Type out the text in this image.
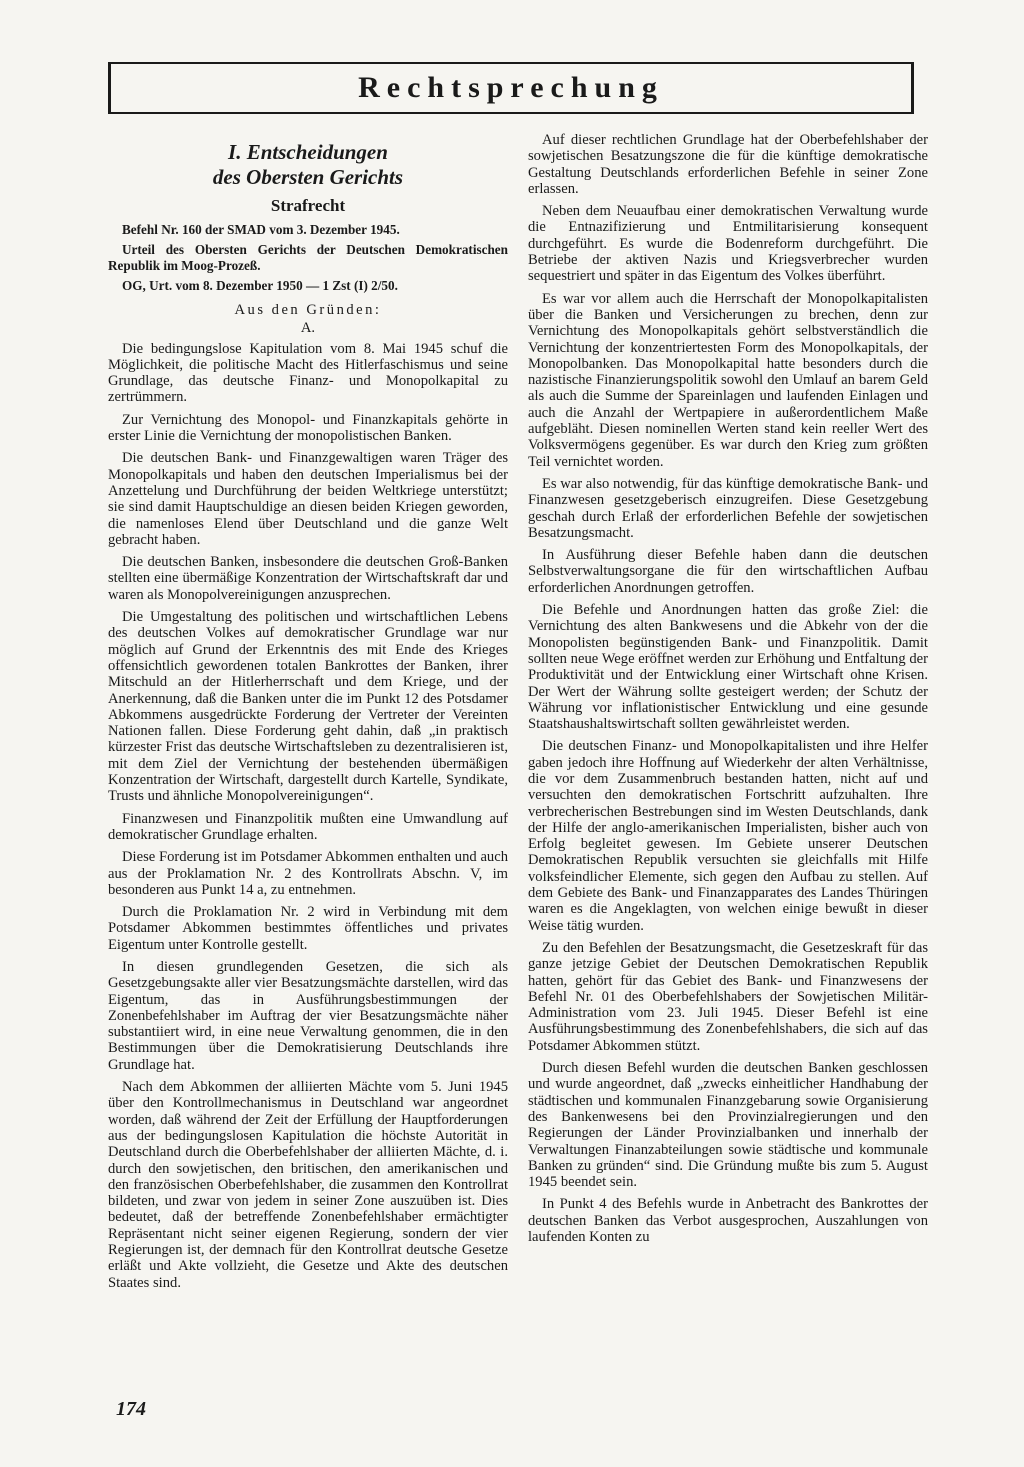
Rechtsprechung
I. Entscheidungen
des Obersten Gerichts
Strafrecht
Befehl Nr. 160 der SMAD vom 3. Dezember 1945.
Urteil des Obersten Gerichts der Deutschen Demokratischen Republik im Moog-Prozeß.
OG, Urt. vom 8. Dezember 1950 — 1 Zst (I) 2/50.
Aus den Gründen:
A.

Die bedingungslose Kapitulation vom 8. Mai 1945 schuf die Möglichkeit, die politische Macht des Hitlerfaschismus und seine Grundlage, das deutsche Finanz- und Monopolkapital zu zertrümmern.

Zur Vernichtung des Monopol- und Finanzkapitals gehörte in erster Linie die Vernichtung der monopolistischen Banken.

Die deutschen Bank- und Finanzgewaltigen waren Träger des Monopolkapitals und haben den deutschen Imperialismus bei der Anzettelung und Durchführung der beiden Weltkriege unterstützt; sie sind damit Hauptschuldige an diesen beiden Kriegen geworden, die namenloses Elend über Deutschland und die ganze Welt gebracht haben.

Die deutschen Banken, insbesondere die deutschen Groß-Banken stellten eine übermäßige Konzentration der Wirtschaftskraft dar und waren als Monopolvereinigungen anzusprechen.

Die Umgestaltung des politischen und wirtschaftlichen Lebens des deutschen Volkes auf demokratischer Grundlage war nur möglich auf Grund der Erkenntnis des mit Ende des Krieges offensichtlich gewordenen totalen Bankrottes der Banken, ihrer Mitschuld an der Hitlerherrschaft und dem Kriege, und der Anerkennung, daß die Banken unter die im Punkt 12 des Potsdamer Abkommens ausgedrückte Forderung der Vertreter der Vereinten Nationen fallen. Diese Forderung geht dahin, daß „in praktisch kürzester Frist das deutsche Wirtschaftsleben zu dezentralisieren ist, mit dem Ziel der Vernichtung der bestehenden übermäßigen Konzentration der Wirtschaft, dargestellt durch Kartelle, Syndikate, Trusts und ähnliche Monopolvereinigungen“.

Finanzwesen und Finanzpolitik mußten eine Umwandlung auf demokratischer Grundlage erhalten.

Diese Forderung ist im Potsdamer Abkommen enthalten und auch aus der Proklamation Nr. 2 des Kontrollrats Abschn. V, im besonderen aus Punkt 14 a, zu entnehmen.

Durch die Proklamation Nr. 2 wird in Verbindung mit dem Potsdamer Abkommen bestimmtes öffentliches und privates Eigentum unter Kontrolle gestellt.

In diesen grundlegenden Gesetzen, die sich als Gesetzgebungsakte aller vier Besatzungsmächte darstellen, wird das Eigentum, das in Ausführungsbestimmungen der Zonenbefehlshaber im Auftrag der vier Besatzungsmächte näher substantiiert wird, in eine neue Verwaltung genommen, die in den Bestimmungen über die Demokratisierung Deutschlands ihre Grundlage hat.

Nach dem Abkommen der alliierten Mächte vom 5. Juni 1945 über den Kontrollmechanismus in Deutschland war angeordnet worden, daß während der Zeit der Erfüllung der Hauptforderungen aus der bedingungslosen Kapitulation die höchste Autorität in Deutschland durch die Oberbefehlshaber der alliierten Mächte, d. i. durch den sowjetischen, den britischen, den amerikanischen und den französischen Oberbefehlshaber, die zusammen den Kontrollrat bildeten, und zwar von jedem in seiner Zone auszuüben ist. Dies bedeutet, daß der betreffende Zonenbefehlshaber ermächtigter Repräsentant nicht seiner eigenen Regierung, sondern der vier Regierungen ist, der demnach für den Kontrollrat deutsche Gesetze erläßt und Akte vollzieht, die Gesetze und Akte des deutschen Staates sind.

Auf dieser rechtlichen Grundlage hat der Oberbefehlshaber der sowjetischen Besatzungszone die für die künftige demokratische Gestaltung Deutschlands erforderlichen Befehle in seiner Zone erlassen.

Neben dem Neuaufbau einer demokratischen Verwaltung wurde die Entnazifizierung und Entmilitarisierung konsequent durchgeführt. Es wurde die Bodenreform durchgeführt. Die Betriebe der aktiven Nazis und Kriegsverbrecher wurden sequestriert und später in das Eigentum des Volkes überführt.

Es war vor allem auch die Herrschaft der Monopolkapitalisten über die Banken und Versicherungen zu brechen, denn zur Vernichtung des Monopolkapitals gehört selbstverständlich die Vernichtung der konzentriertesten Form des Monopolkapitals, der Monopolbanken. Das Monopolkapital hatte besonders durch die nazistische Finanzierungspolitik sowohl den Umlauf an barem Geld als auch die Summe der Spareinlagen und laufenden Einlagen und auch die Anzahl der Wertpapiere in außerordentlichem Maße aufgebläht. Diesen nominellen Werten stand kein reeller Wert des Volksvermögens gegenüber. Es war durch den Krieg zum größten Teil vernichtet worden.

Es war also notwendig, für das künftige demokratische Bank- und Finanzwesen gesetzgeberisch einzugreifen. Diese Gesetzgebung geschah durch Erlaß der erforderlichen Befehle der sowjetischen Besatzungsmacht.

In Ausführung dieser Befehle haben dann die deutschen Selbstverwaltungsorgane die für den wirtschaftlichen Aufbau erforderlichen Anordnungen getroffen.

Die Befehle und Anordnungen hatten das große Ziel: die Vernichtung des alten Bankwesens und die Abkehr von der die Monopolisten begünstigenden Bank- und Finanzpolitik. Damit sollten neue Wege eröffnet werden zur Erhöhung und Entfaltung der Produktivität und der Entwicklung einer Wirtschaft ohne Krisen. Der Wert der Währung sollte gesteigert werden; der Schutz der Währung vor inflationistischer Entwicklung und eine gesunde Staatshaushaltswirtschaft sollten gewährleistet werden.

Die deutschen Finanz- und Monopolkapitalisten und ihre Helfer gaben jedoch ihre Hoffnung auf Wiederkehr der alten Verhältnisse, die vor dem Zusammenbruch bestanden hatten, nicht auf und versuchten den demokratischen Fortschritt aufzuhalten. Ihre verbrecherischen Bestrebungen sind im Westen Deutschlands, dank der Hilfe der anglo-amerikanischen Imperialisten, bisher auch von Erfolg begleitet gewesen. Im Gebiete unserer Deutschen Demokratischen Republik versuchten sie gleichfalls mit Hilfe volksfeindlicher Elemente, sich gegen den Aufbau zu stellen. Auf dem Gebiete des Bank- und Finanzapparates des Landes Thüringen waren es die Angeklagten, von welchen einige bewußt in dieser Weise tätig wurden.

Zu den Befehlen der Besatzungsmacht, die Gesetzeskraft für das ganze jetzige Gebiet der Deutschen Demokratischen Republik hatten, gehört für das Gebiet des Bank- und Finanzwesens der Befehl Nr. 01 des Oberbefehlshabers der Sowjetischen Militär-Administration vom 23. Juli 1945. Dieser Befehl ist eine Ausführungsbestimmung des Zonenbefehlshabers, die sich auf das Potsdamer Abkommen stützt.

Durch diesen Befehl wurden die deutschen Banken geschlossen und wurde angeordnet, daß „zwecks einheitlicher Handhabung der städtischen und kommunalen Finanzgebarung sowie Organisierung des Bankenwesens bei den Provinzialregierungen und den Regierungen der Länder Provinzialbanken und innerhalb der Verwaltungen Finanzabteilungen sowie städtische und kommunale Banken zu gründen“ sind. Die Gründung mußte bis zum 5. August 1945 beendet sein.

In Punkt 4 des Befehls wurde in Anbetracht des Bankrottes der deutschen Banken das Verbot ausgesprochen, Auszahlungen von laufenden Konten zu

174
